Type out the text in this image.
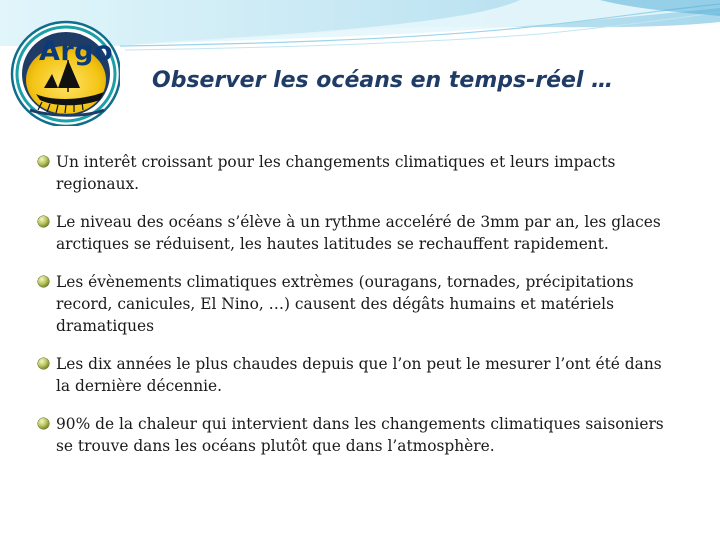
Argo
Observer les océans en temps-réel …
Un interêt croissant pour les changements climatiques et leurs impacts regionaux.
Le niveau des océans s’élève à un rythme acceléré de 3mm par an, les glaces arctiques se réduisent, les hautes latitudes se rechauffent rapidement.
Les évènements climatiques extrèmes (ouragans, tornades, précipitations record, canicules, El Nino, …) causent des dégâts humains et matériels dramatiques
Les dix années le plus chaudes depuis que l’on peut le mesurer l’ont été dans la dernière décennie.
90% de la chaleur qui intervient dans les changements climatiques saisoniers se trouve dans les océans plutôt que dans l’atmosphère.
